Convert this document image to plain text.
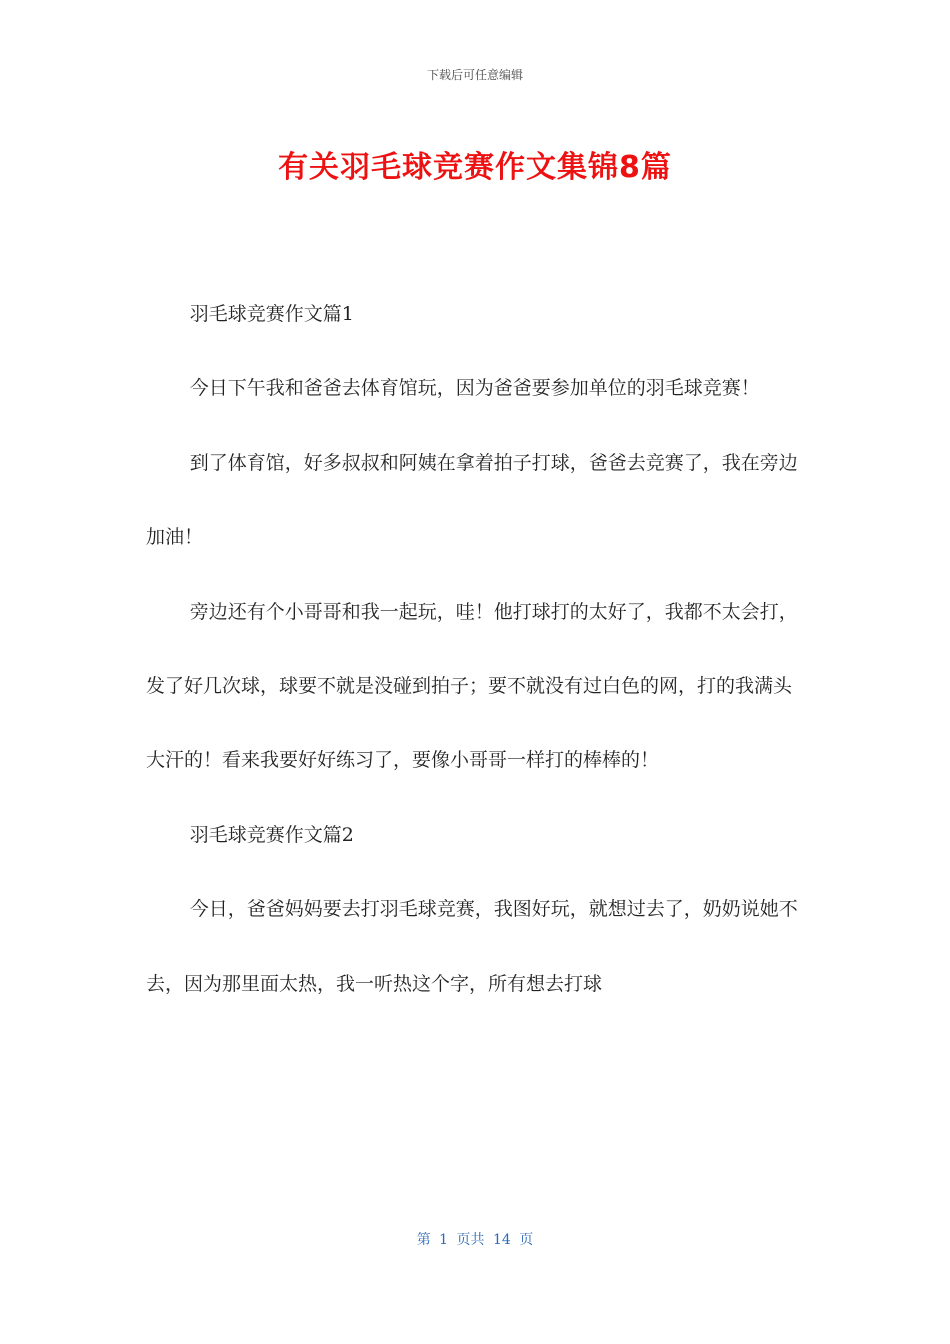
下载后可任意编辑
有关羽毛球竞赛作文集锦8篇

羽毛球竞赛作文篇1

今日下午我和爸爸去体育馆玩，因为爸爸要参加单位的羽毛球竞赛！

到了体育馆，好多叔叔和阿姨在拿着拍子打球，爸爸去竞赛了，我在旁边加油！

旁边还有个小哥哥和我一起玩，哇！他打球打的太好了，我都不太会打，发了好几次球，球要不就是没碰到拍子；要不就没有过白色的网，打的我满头大汗的！看来我要好好练习了，要像小哥哥一样打的棒棒的！

羽毛球竞赛作文篇2

今日，爸爸妈妈要去打羽毛球竞赛，我图好玩，就想过去了，奶奶说她不去，因为那里面太热，我一听热这个字，所有想去打球

第 1 页共 14 页
